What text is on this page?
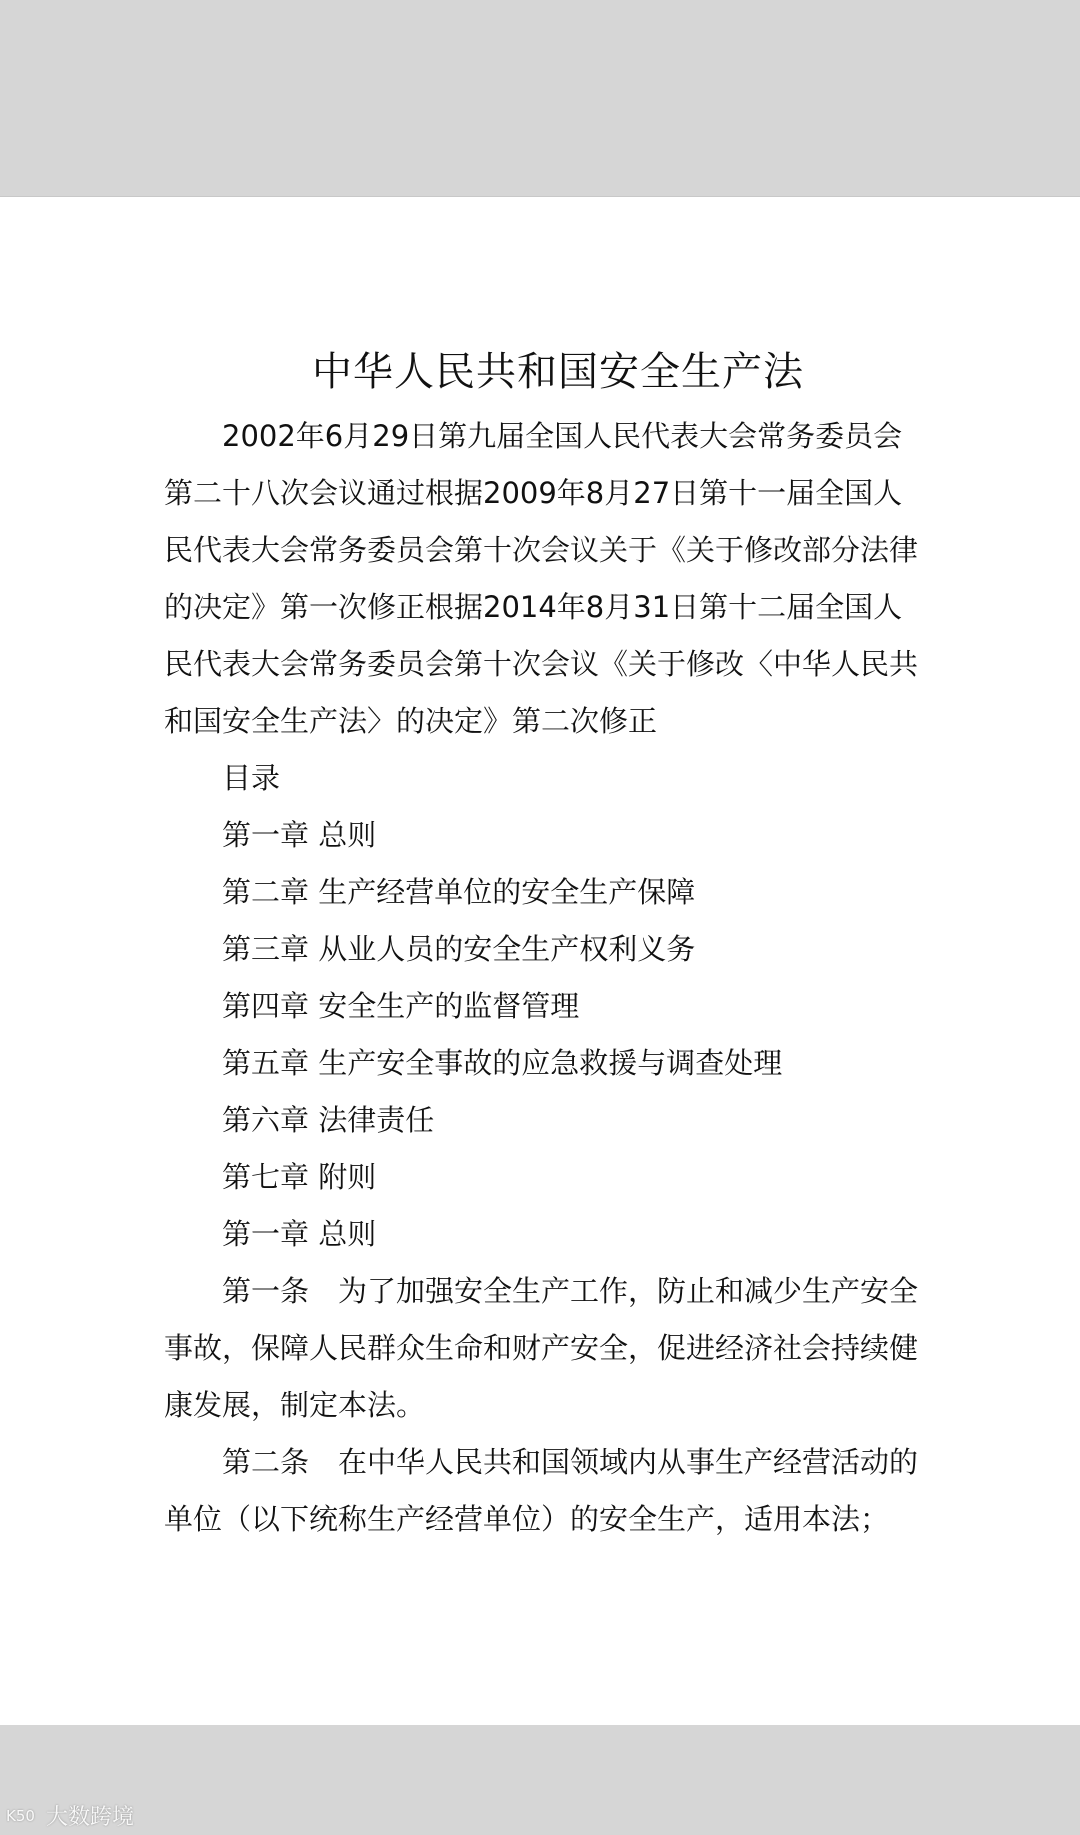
中华人民共和国安全生产法

2002年6月29日第九届全国人民代表大会常务委员会第二十八次会议通过根据2009年8月27日第十一届全国人民代表大会常务委员会第十次会议关于《关于修改部分法律的决定》第一次修正根据2014年8月31日第十二届全国人民代表大会常务委员会第十次会议《关于修改〈中华人民共和国安全生产法〉的决定》第二次修正

目录

第一章 总则

第二章 生产经营单位的安全生产保障

第三章 从业人员的安全生产权利义务

第四章 安全生产的监督管理

第五章 生产安全事故的应急救援与调查处理

第六章 法律责任

第七章 附则

第一章 总则

第一条　为了加强安全生产工作，防止和减少生产安全事故，保障人民群众生命和财产安全，促进经济社会持续健康发展，制定本法。

第二条　在中华人民共和国领域内从事生产经营活动的单位（以下统称生产经营单位）的安全生产，适用本法；

K50 大数跨境
